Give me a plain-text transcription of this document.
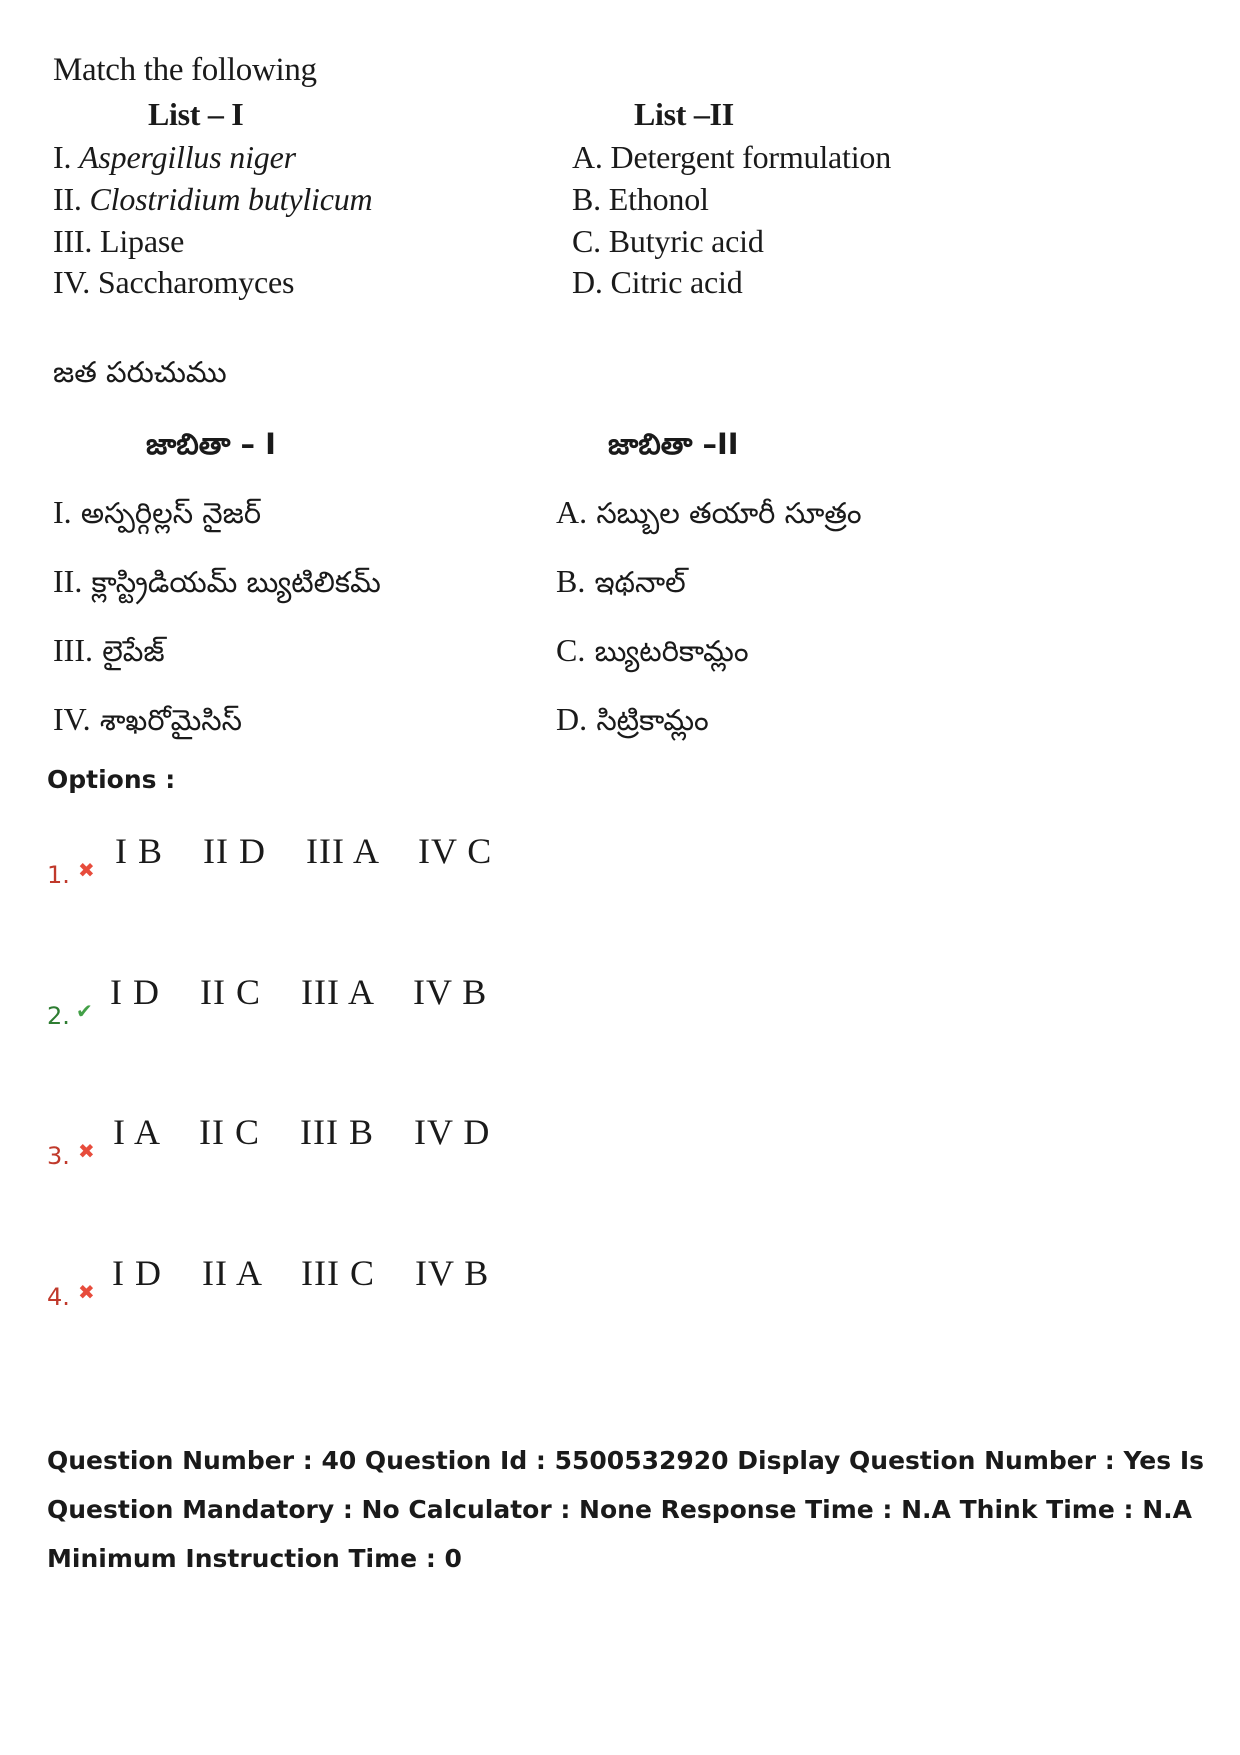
Match the following
List – I	List –II
I. Aspergillus niger
II. Clostridium butylicum
III. Lipase
IV. Saccharomyces
A. Detergent formulation
B. Ethonol
C. Butyric acid
D. Citric acid
జత పరుచుము
జాబితా – I	జాబితా –II
I. అస్పర్గిల్లస్ నైజర్
II. క్లాస్ట్రిడియమ్ బ్యుటిలికమ్
III. లైపేజ్
IV. శాఖరోమైసిస్
A. సబ్బుల తయారీ సూత్రం
B. ఇథనాల్
C. బ్యుటరికామ్లం
D. సిట్రికామ్లం
Options :
1. ✖ I B    II D    III A    IV C
2. ✔ I D    II C    III A    IV B
3. ✖ I A    II C    III B    IV D
4. ✖ I D    II A    III C    IV B
Question Number : 40 Question Id : 5500532920 Display Question Number : Yes Is Question Mandatory : No Calculator : None Response Time : N.A Think Time : N.A Minimum Instruction Time : 0
